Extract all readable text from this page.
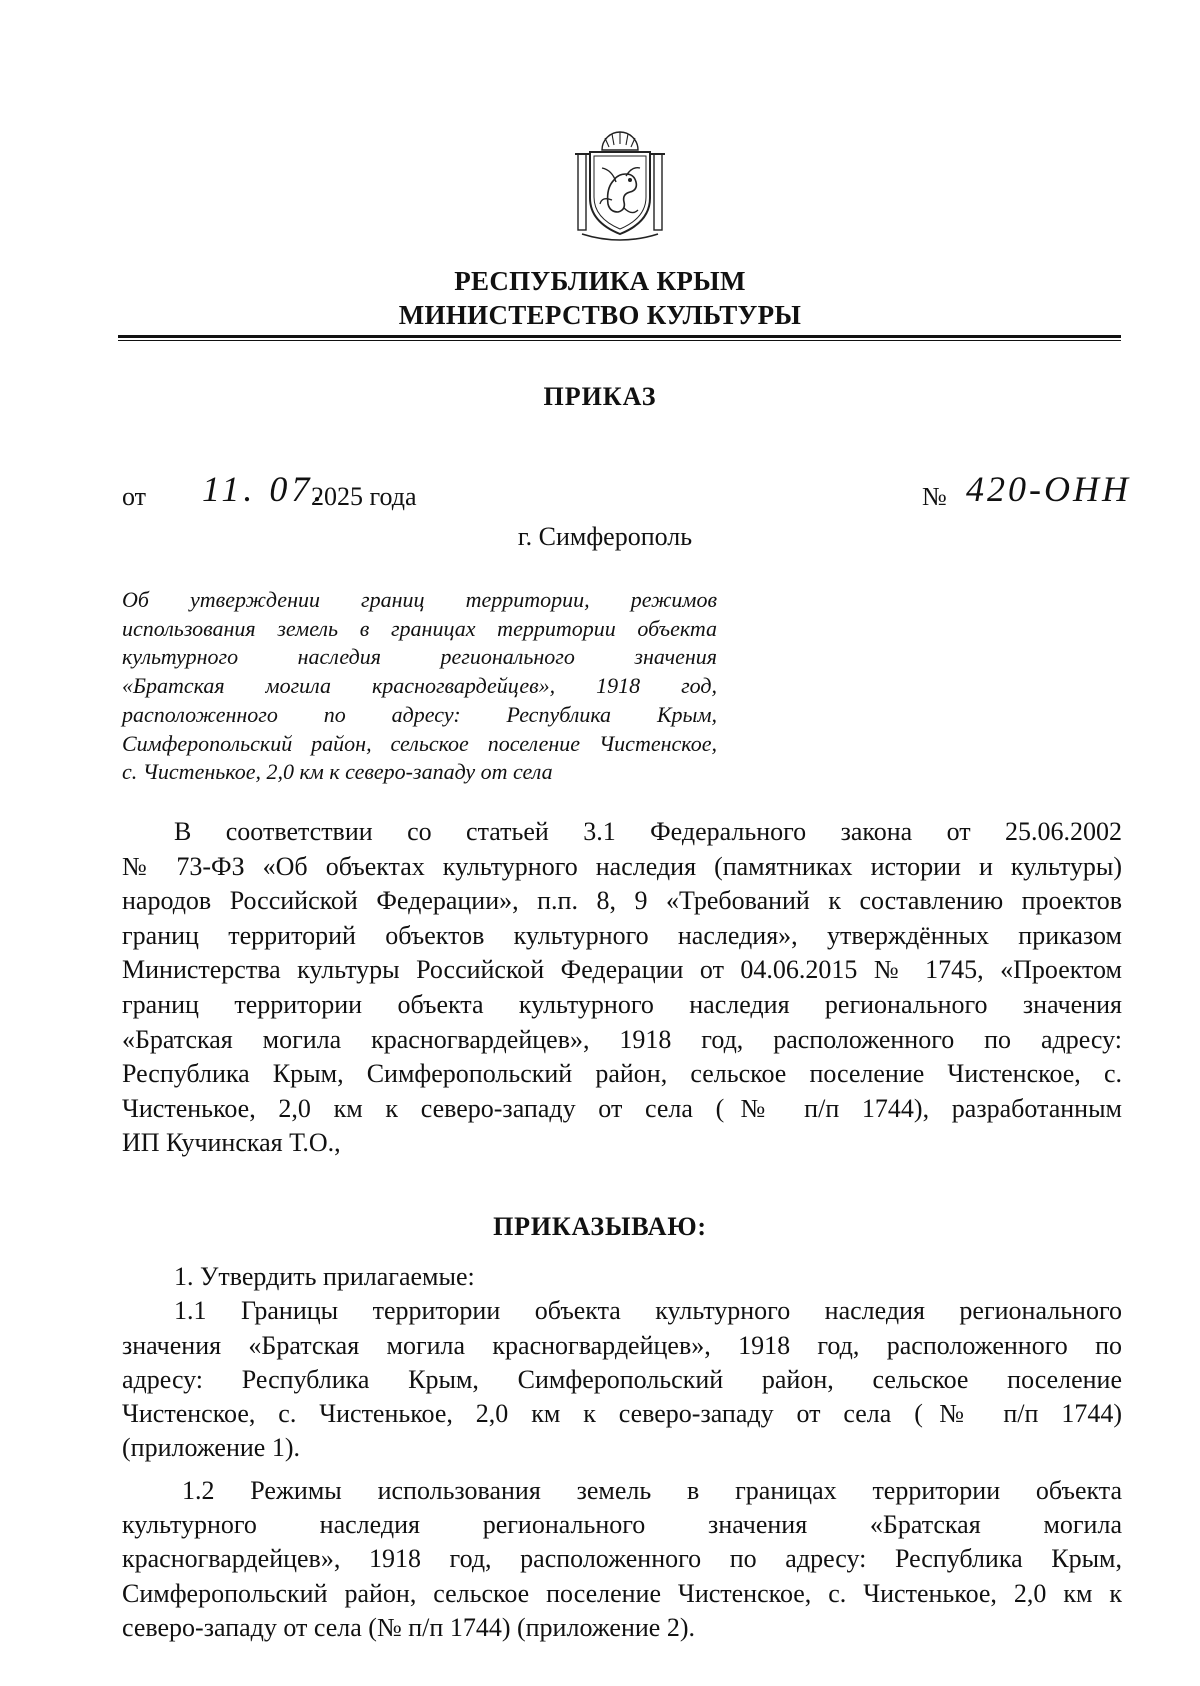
РЕСПУБЛИКА КРЫМ
МИНИСТЕРСТВО КУЛЬТУРЫ
ПРИКАЗ
от 11. 07.
2025 года	№ 420-ОНН
г. Симферополь
Об утверждении границ территории, режимов
использования земель в границах территории объекта
культурного наследия регионального значения
«Братская могила красногвардейцев», 1918 год,
расположенного по адресу: Республика Крым,
Симферопольский район, сельское поселение Чистенское,
с. Чистенькое, 2,0 км к северо-западу от села
В соответствии со статьей 3.1 Федерального закона от 25.06.2002
№ 73-ФЗ «Об объектах культурного наследия (памятниках истории и культуры)
народов Российской Федерации», п.п. 8, 9 «Требований к составлению проектов
границ территорий объектов культурного наследия», утверждённых приказом
Министерства культуры Российской Федерации от 04.06.2015 № 1745, «Проектом
границ территории объекта культурного наследия регионального значения
«Братская могила красногвардейцев», 1918 год, расположенного по адресу:
Республика Крым, Симферопольский район, сельское поселение Чистенское, с.
Чистенькое, 2,0 км к северо-западу от села (№ п/п 1744), разработанным
ИП Кучинская Т.О.,
ПРИКАЗЫВАЮ:
1. Утвердить прилагаемые:
1.1 Границы территории объекта культурного наследия регионального
значения «Братская могила красногвардейцев», 1918 год, расположенного по
адресу: Республика Крым, Симферопольский район, сельское поселение
Чистенское, с. Чистенькое, 2,0 км к северо-западу от села (№ п/п 1744)
(приложение 1).
1.2 Режимы использования земель в границах территории объекта
культурного наследия регионального значения «Братская могила
красногвардейцев», 1918 год, расположенного по адресу: Республика Крым,
Симферопольский район, сельское поселение Чистенское, с. Чистенькое, 2,0 км к
северо-западу от села (№ п/п 1744) (приложение 2).
